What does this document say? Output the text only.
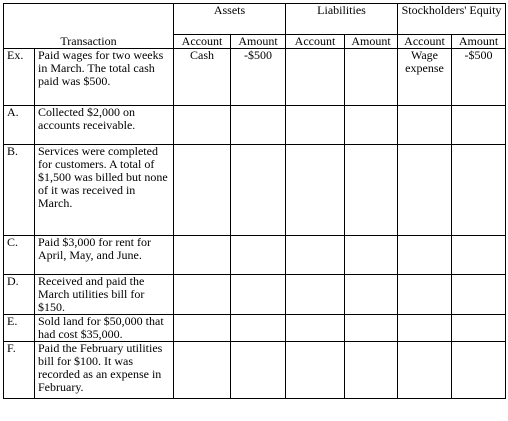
		Assets		Liabilities		Stockholders' Equity	
Transaction		Account	Amount	Account	Amount	Account	Amount
Ex.	Paid wages for two weeks in March. The total cash paid was $500.	Cash	-$500			Wage expense	-$500
A.	Collected $2,000 on accounts receivable.						
B.	Services were completed for customers. A total of $1,500 was billed but none of it was received in March.						
C.	Paid $3,000 for rent for April, May, and June.						
D.	Received and paid the March utilities bill for $150.						
E.	Sold land for $50,000 that had cost $35,000.						
F.	Paid the February utilities bill for $100. It was recorded as an expense in February.						
